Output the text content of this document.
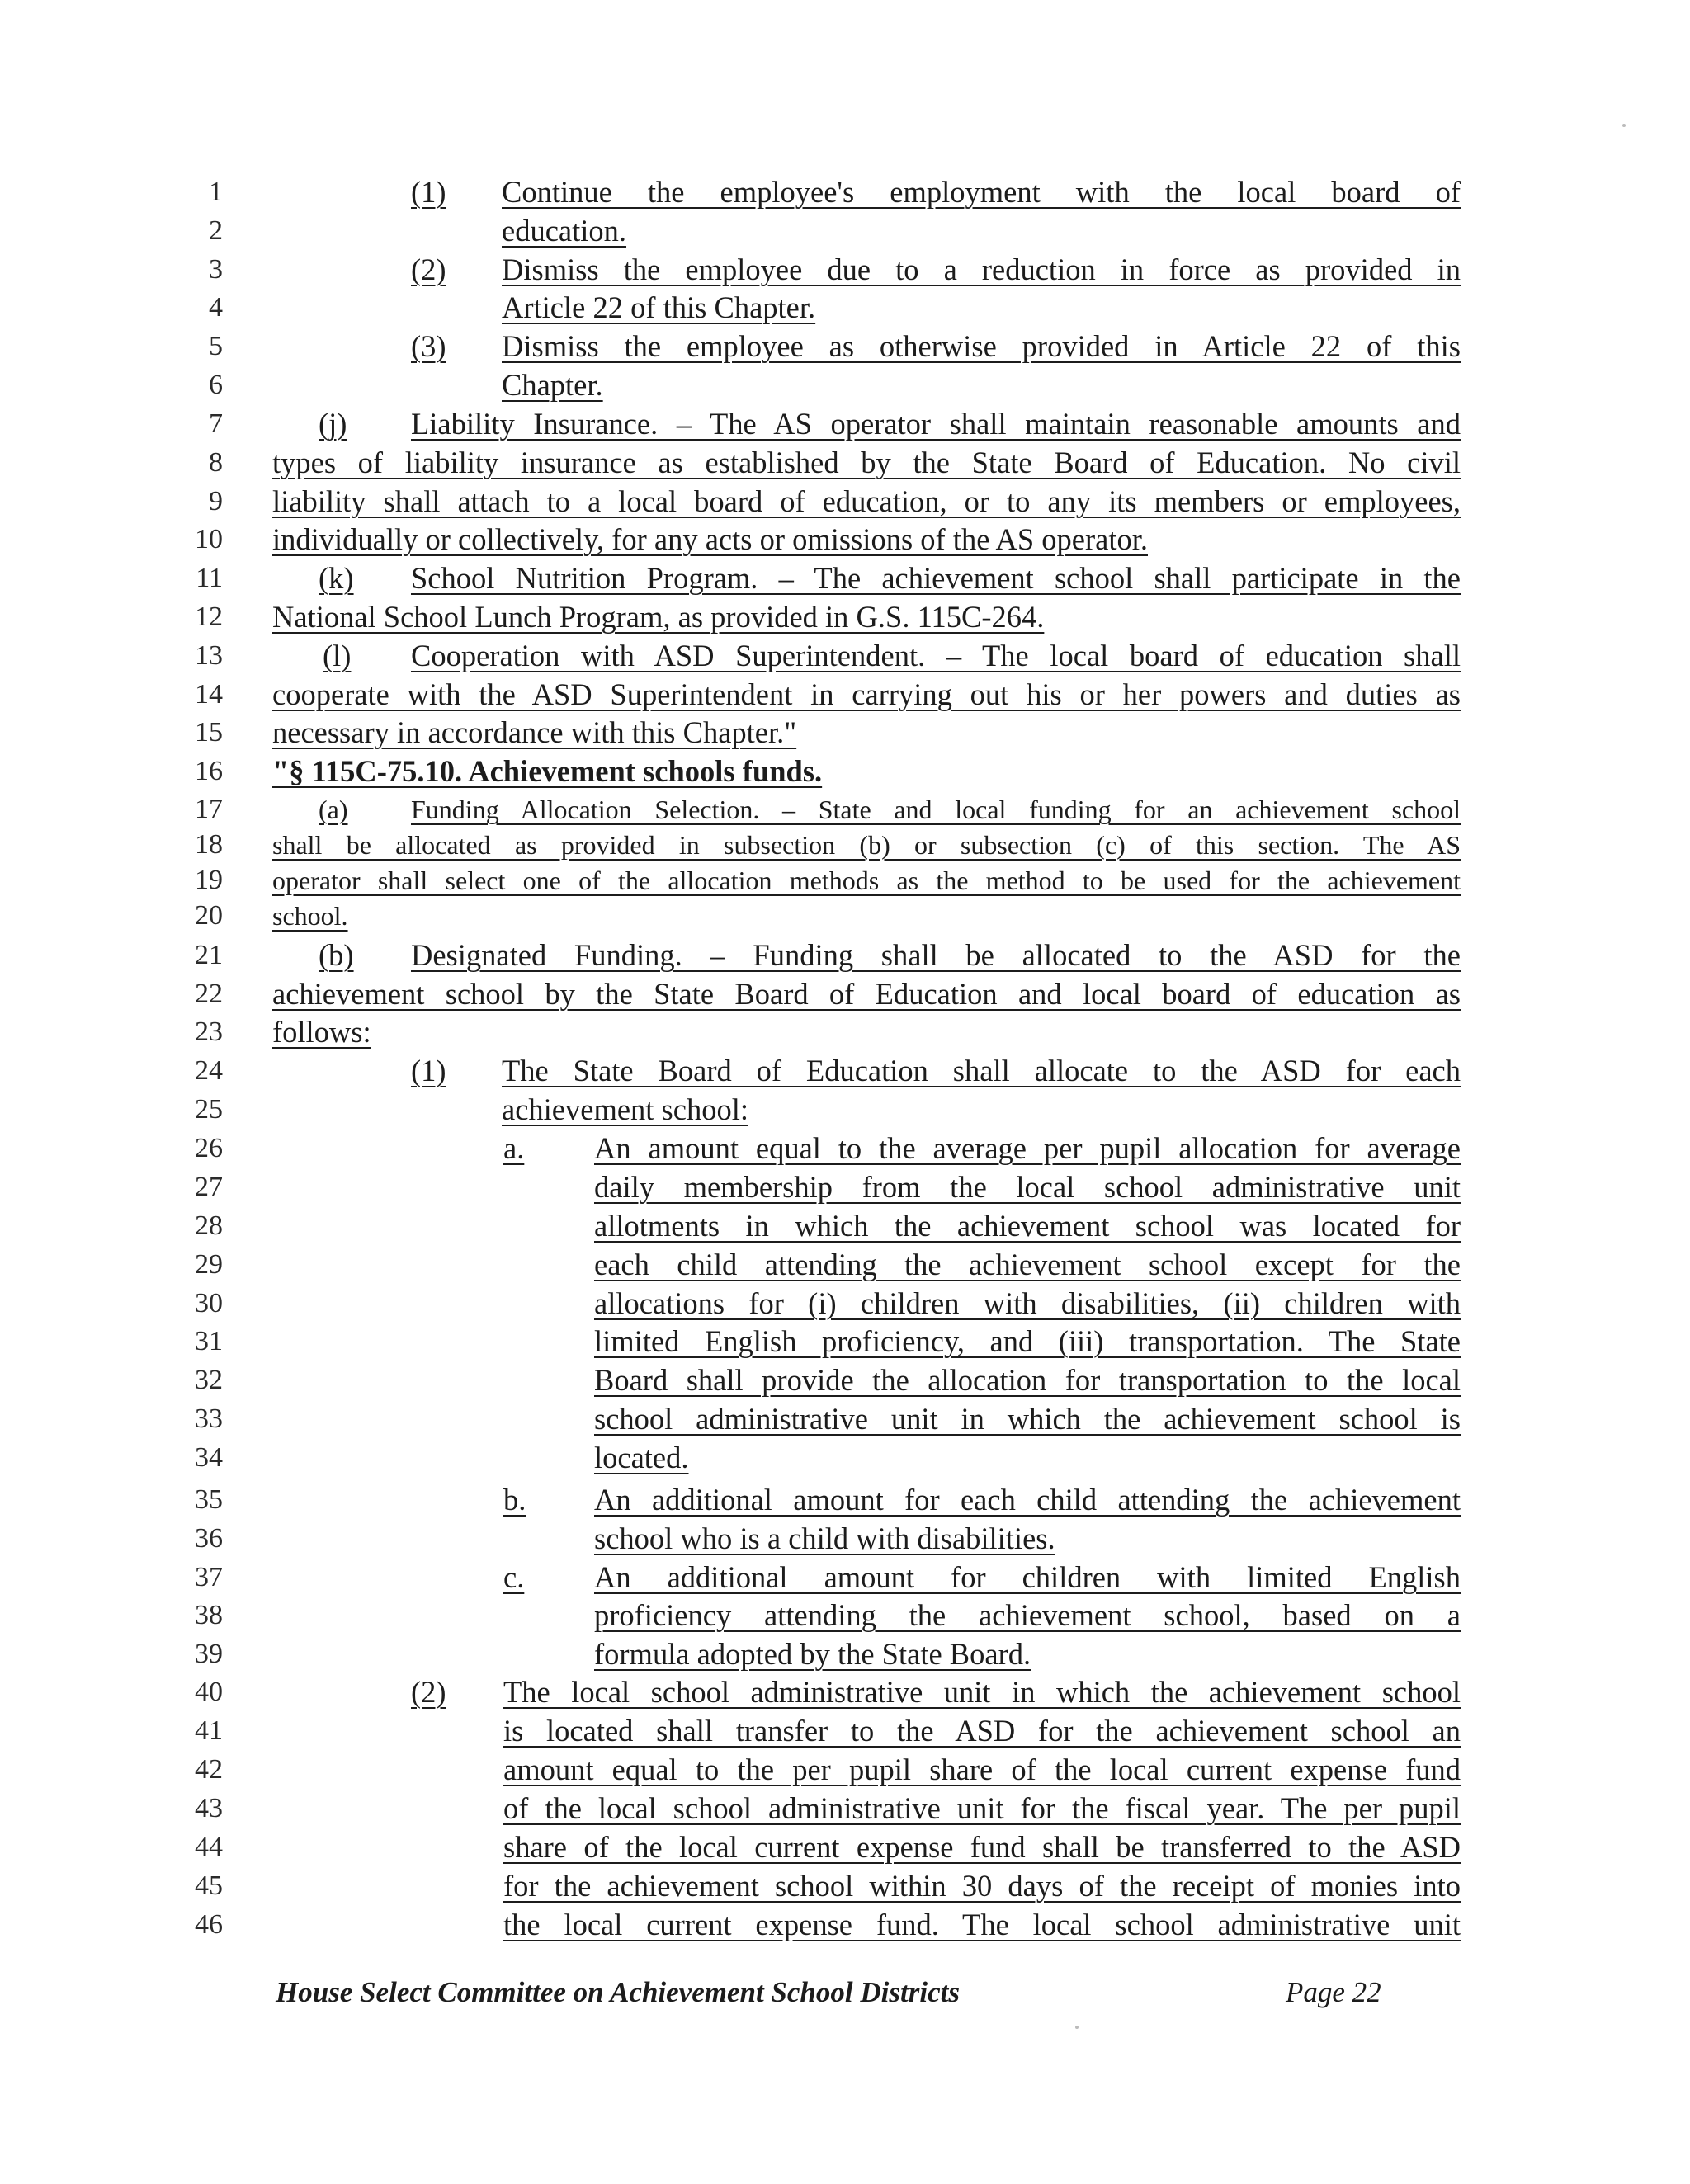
1
2
3
4
5
6
7
8
9
10
11
12
13
14
15
16
17
18
19
20
21
22
23
24
25
26
27
28
29
30
31
32
33
34
35
36
37
38
39
40
41
42
43
44
45
46
(1)
(2)
(3)
(j)
(k)
(l)
(a)
(b)
(1)
a.
b.
c.
(2)
Continue the employee's employment with the local board of
education.
Dismiss the employee due to a reduction in force as provided in
Article 22 of this Chapter.
Dismiss the employee as otherwise provided in Article 22 of this
Chapter.
Liability Insurance. – The AS operator shall maintain reasonable amounts and
types of liability insurance as established by the State Board of Education. No civil
liability shall attach to a local board of education, or to any its members or employees,
individually or collectively, for any acts or omissions of the AS operator.
School Nutrition Program. – The achievement school shall participate in the
National School Lunch Program, as provided in G.S. 115C-264.
Cooperation with ASD Superintendent. – The local board of education shall
cooperate with the ASD Superintendent in carrying out his or her powers and duties as
necessary in accordance with this Chapter."
"§ 115C-75.10. Achievement schools funds.
Funding Allocation Selection. – State and local funding for an achievement school
shall be allocated as provided in subsection (b) or subsection (c) of this section. The AS
operator shall select one of the allocation methods as the method to be used for the achievement
school.
Designated Funding. – Funding shall be allocated to the ASD for the
achievement school by the State Board of Education and local board of education as
follows:
The State Board of Education shall allocate to the ASD for each
achievement school:
An amount equal to the average per pupil allocation for average
daily membership from the local school administrative unit
allotments in which the achievement school was located for
each child attending the achievement school except for the
allocations for (i) children with disabilities, (ii) children with
limited English proficiency, and (iii) transportation. The State
Board shall provide the allocation for transportation to the local
school administrative unit in which the achievement school is
located.
An additional amount for each child attending the achievement
school who is a child with disabilities.
An additional amount for children with limited English
proficiency attending the achievement school, based on a
formula adopted by the State Board.
The local school administrative unit in which the achievement school
is located shall transfer to the ASD for the achievement school an
amount equal to the per pupil share of the local current expense fund
of the local school administrative unit for the fiscal year. The per pupil
share of the local current expense fund shall be transferred to the ASD
for the achievement school within 30 days of the receipt of monies into
the local current expense fund. The local school administrative unit
House Select Committee on Achievement School Districts	Page 22
